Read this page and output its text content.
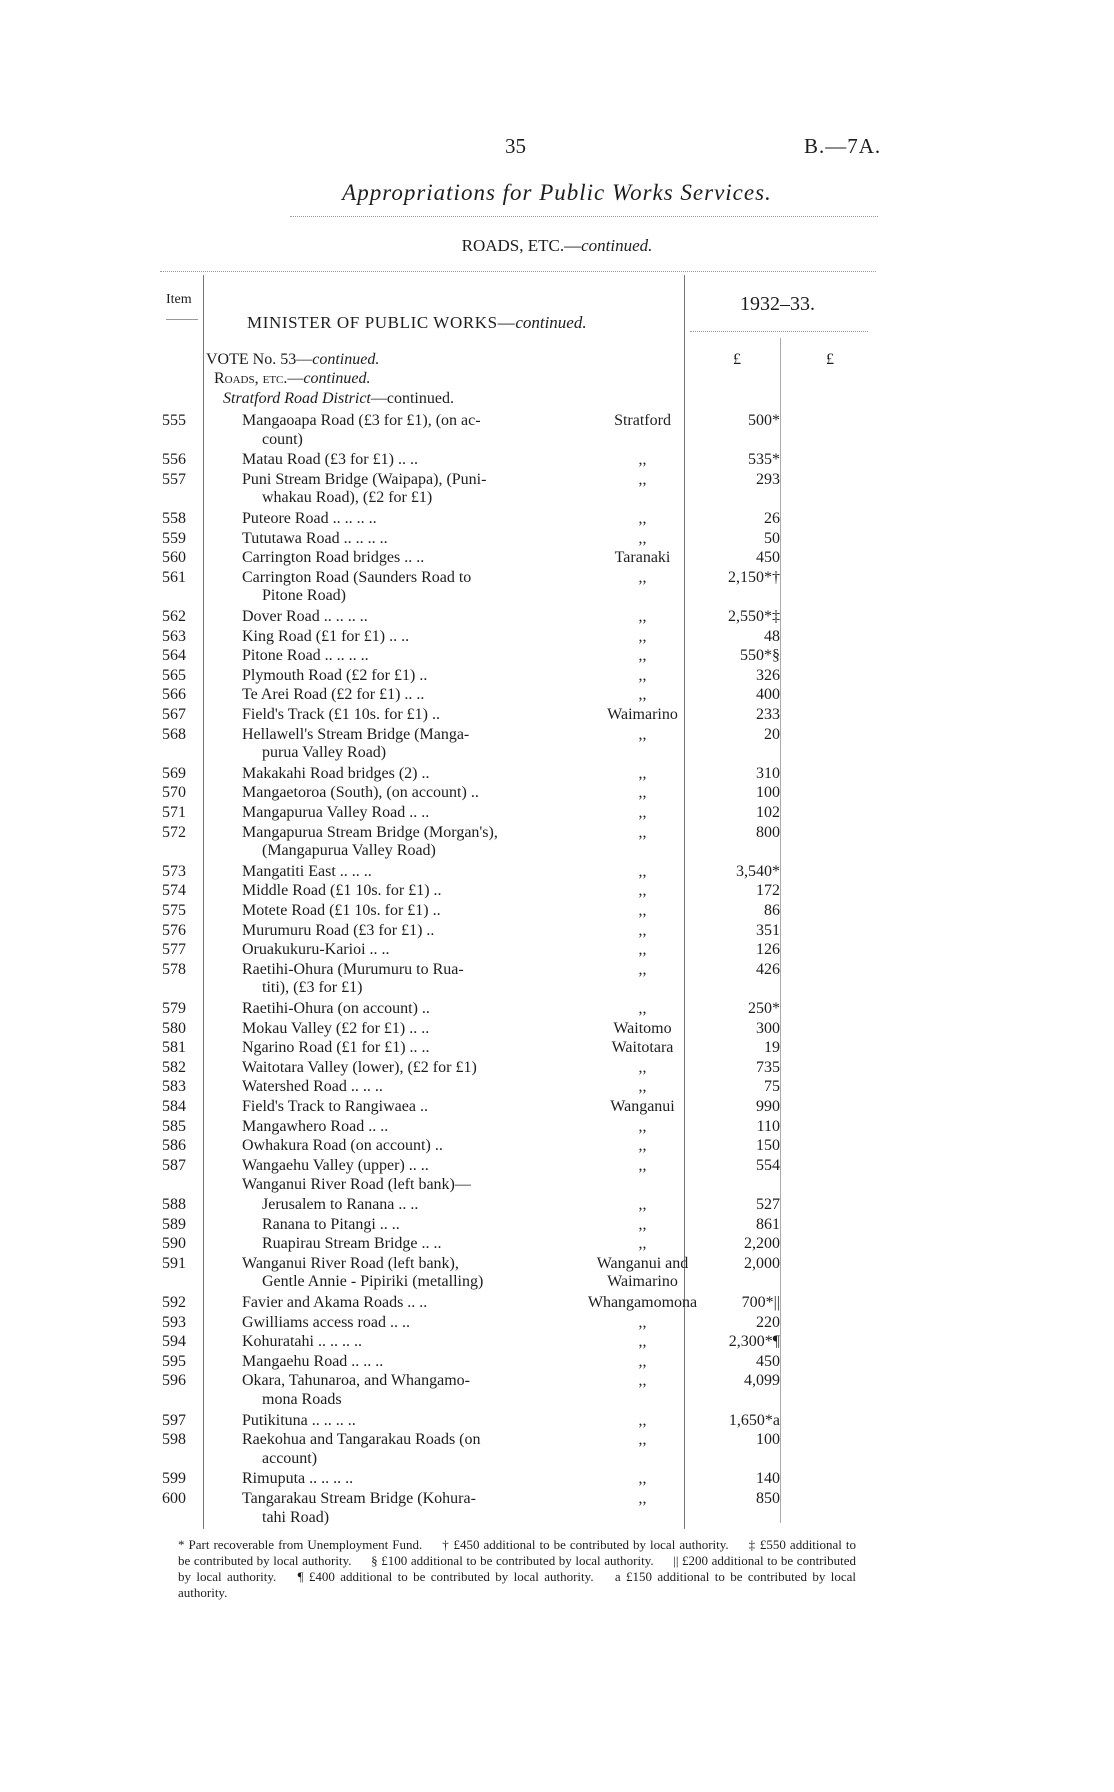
35	B.—7A.
Appropriations for Public Works Services.
ROADS, ETC.—continued.
Item
MINISTER OF PUBLIC WORKS—continued.
1932–33.
£	£
VOTE No. 53—continued.
Roads, etc.—continued.
Stratford Road District—continued.
555	Mangaoapa Road (£3 for £1), (on ac-	Stratford	500*
count)
556	Matau Road (£3 for £1) .. ..	,,	535*
557	Puni Stream Bridge (Waipapa), (Puni-	,,	293
whakau Road), (£2 for £1)
558	Puteore Road .. .. .. ..	,,	26
559	Tututawa Road .. .. .. ..	,,	50
560	Carrington Road bridges .. ..	Taranaki	450
561	Carrington Road (Saunders Road to	,,	2,150*†
Pitone Road)
562	Dover Road .. .. .. ..	,,	2,550*‡
563	King Road (£1 for £1) .. ..	,,	48
564	Pitone Road .. .. .. ..	,,	550*§
565	Plymouth Road (£2 for £1) ..	,,	326
566	Te Arei Road (£2 for £1) .. ..	,,	400
567	Field's Track (£1 10s. for £1) ..	Waimarino	233
568	Hellawell's Stream Bridge (Manga-	,,	20
purua Valley Road)
569	Makakahi Road bridges (2) ..	,,	310
570	Mangaetoroa (South), (on account) ..	,,	100
571	Mangapurua Valley Road .. ..	,,	102
572	Mangapurua Stream Bridge (Morgan's),	,,	800
(Mangapurua Valley Road)
573	Mangatiti East .. .. ..	,,	3,540*
574	Middle Road (£1 10s. for £1) ..	,,	172
575	Motete Road (£1 10s. for £1) ..	,,	86
576	Murumuru Road (£3 for £1) ..	,,	351
577	Oruakukuru-Karioi .. ..	,,	126
578	Raetihi-Ohura (Murumuru to Rua-	,,	426
titi), (£3 for £1)
579	Raetihi-Ohura (on account) ..	,,	250*
580	Mokau Valley (£2 for £1) .. ..	Waitomo	300
581	Ngarino Road (£1 for £1) .. ..	Waitotara	19
582	Waitotara Valley (lower), (£2 for £1)	,,	735
583	Watershed Road .. .. ..	,,	75
584	Field's Track to Rangiwaea ..	Wanganui	990
585	Mangawhero Road .. ..	,,	110
586	Owhakura Road (on account) ..	,,	150
587	Wangaehu Valley (upper) .. ..	,,	554
Wanganui River Road (left bank)—
588	Jerusalem to Ranana .. ..	,,	527
589	Ranana to Pitangi .. ..	,,	861
590	Ruapirau Stream Bridge .. ..	,,	2,200
591	Wanganui River Road (left bank),	Wanganui and	2,000
Gentle Annie - Pipiriki (metalling)	Waimarino
592	Favier and Akama Roads .. ..	Whangamomona	700*||
593	Gwilliams access road .. ..	,,	220
594	Kohuratahi .. .. .. ..	,,	2,300*¶
595	Mangaehu Road .. .. ..	,,	450
596	Okara, Tahunaroa, and Whangamo-	,,	4,099
mona Roads
597	Putikituna .. .. .. ..	,,	1,650*a
598	Raekohua and Tangarakau Roads (on	,,	100
account)
599	Rimuputa .. .. .. ..	,,	140
600	Tangarakau Stream Bridge (Kohura-	,,	850
tahi Road)
* Part recoverable from Unemployment Fund. † £450 additional to be contributed by local authority. ‡ £550 additional to be contributed by local authority. § £100 additional to be contributed by local authority. || £200 additional to be contributed by local authority. ¶ £400 additional to be contributed by local authority. a £150 additional to be contributed by local authority.
